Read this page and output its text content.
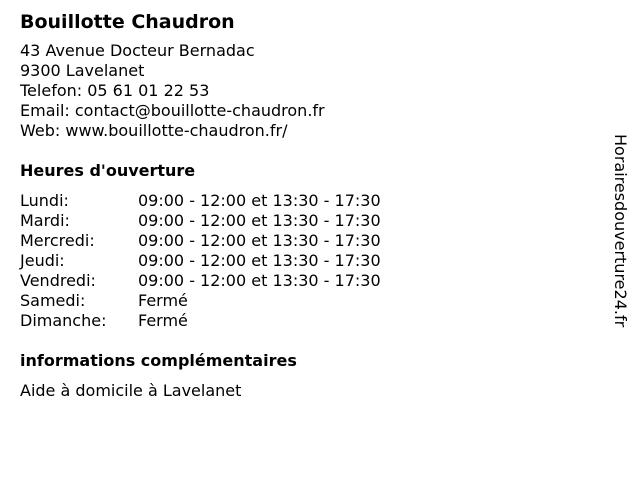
Bouillotte Chaudron
43 Avenue Docteur Bernadac
9300 Lavelanet
Telefon: 05 61 01 22 53
Email: contact@bouillotte-chaudron.fr
Web: www.bouillotte-chaudron.fr/
Heures d'ouverture
Lundi:	09:00 - 12:00 et 13:30 - 17:30
Mardi:	09:00 - 12:00 et 13:30 - 17:30
Mercredi:	09:00 - 12:00 et 13:30 - 17:30
Jeudi:	09:00 - 12:00 et 13:30 - 17:30
Vendredi:	09:00 - 12:00 et 13:30 - 17:30
Samedi:	Fermé
Dimanche:	Fermé
informations complémentaires
Aide à domicile à Lavelanet
Horairesdouverture24.fr
